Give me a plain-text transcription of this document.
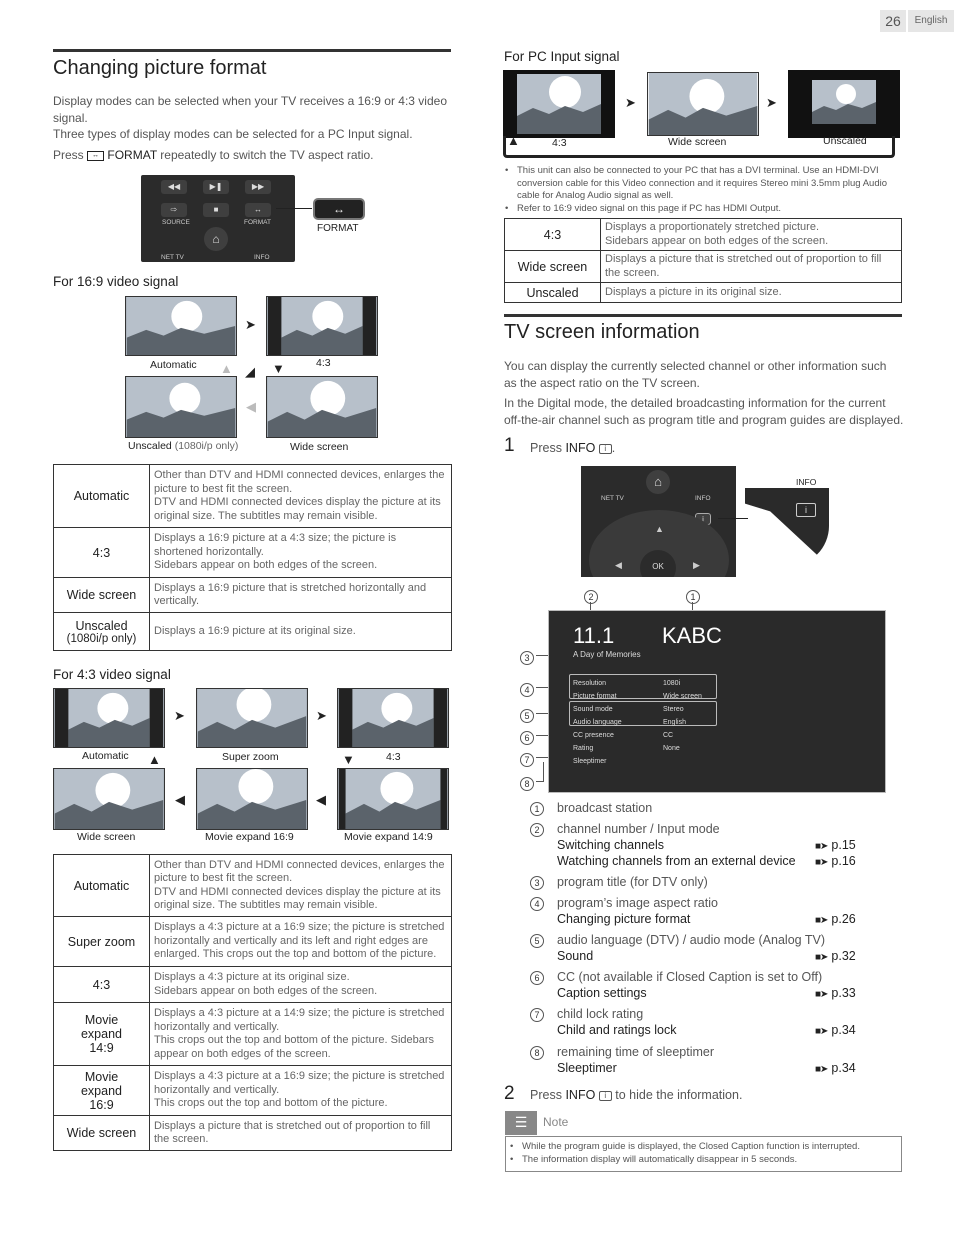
26	English
Changing picture format
Display modes can be selected when your TV receives a 16:9 or 4:3 video signal.
Three types of display modes can be selected for a PC Input signal.
Press ↔ FORMAT repeatedly to switch the TV aspect ratio.
◀◀	▶❚	▶▶
⇨	■	↔
SOURCE	FORMAT
⌂
NET TV	INFO
↔
FORMAT
For 16:9 video signal
➤
▼
◢
◀
▲
Automatic	4:3
Unscaled (1080i/p only)	Wide screen
Automatic	Other than DTV and HDMI connected devices, enlarges the picture to best fit the screen.
DTV and HDMI connected devices display the picture at its original size. The subtitles may remain visible.
4:3	Displays a 16:9 picture at a 4:3 size; the picture is shortened horizontally.
Sidebars appear on both edges of the screen.
Wide screen	Displays a 16:9 picture that is stretched horizontally and vertically.

Unscaled
(1080i/p only)	Displays a 16:9 picture at its original size.
For 4:3 video signal
➤	➤
▼
◀
◀
▲
Automatic	Super zoom	4:3
Wide screen	Movie expand 16:9	Movie expand 14:9
Automatic	Other than DTV and HDMI connected devices, enlarges the picture to best fit the screen.
DTV and HDMI connected devices display the picture at its original size. The subtitles may remain visible.
Super zoom	Displays a 4:3 picture at a 16:9 size; the picture is stretched horizontally and vertically and its left and right edges are enlarged. This crops out the top and bottom of the picture.
4:3	Displays a 4:3 picture at its original size.
Sidebars appear on both edges of the screen.
Movie expand 14:9	Displays a 4:3 picture at a 14:9 size; the picture is stretched horizontally and vertically.
This crops out the top and bottom of the picture. Sidebars appear on both edges of the screen.
Movie expand 16:9	Displays a 4:3 picture at a 16:9 size; the picture is stretched horizontally and vertically.
This crops out the top and bottom of the picture.
Wide screen	Displays a picture that is stretched out of proportion to fill the screen.
For PC Input signal
➤	➤
▲	4:3	Wide screen	Unscaled
• This unit can also be connected to your PC that has a DVI terminal. Use an HDMI-DVI conversion cable for this Video connection and it requires Stereo mini 3.5mm plug Audio cable for Analog Audio signal as well.
• Refer to 16:9 video signal on this page if PC has HDMI Output.
4:3	Displays a proportionately stretched picture.
Sidebars appear on both edges of the screen.
Wide screen	Displays a picture that is stretched out of proportion to fill the screen.
Unscaled	Displays a picture in its original size.
TV screen information
You can display the currently selected channel or other information such as the aspect ratio on the TV screen.
In the Digital mode, the detailed broadcasting information for the current off-the-air channel such as program title and program guides are displayed.
1 Press INFO i .
⌂
NET TV	INFO
i
OK
▲
◀	▶
i
INFO
2	1
3
4
5
6
7
8
11.1 KABC
A Day of Memories
Resolution	1080i
Picture format	Wide screen
Sound mode	Stereo
Audio language	English
CC presence	CC
Rating	None
Sleeptimer
1	broadcast station
2	channel number / Input mode
Switching channels	■➤ p.15
Watching channels from an external device ■➤ p.16
3	program title (for DTV only)
4	program’s image aspect ratio
Changing picture format	■➤ p.26
5	audio language (DTV) / audio mode (Analog TV)
Sound	■➤ p.32
6	CC (not available if Closed Caption is set to Off)
Caption settings	■➤ p.33
7	child lock rating
Child and ratings lock	■➤ p.34
8	remaining time of sleeptimer
Sleeptimer	■➤ p.34
2 Press INFO i to hide the information.
☰	Note
• While the program guide is displayed, the Closed Caption function is interrupted.
• The information display will automatically disappear in 5 seconds.
